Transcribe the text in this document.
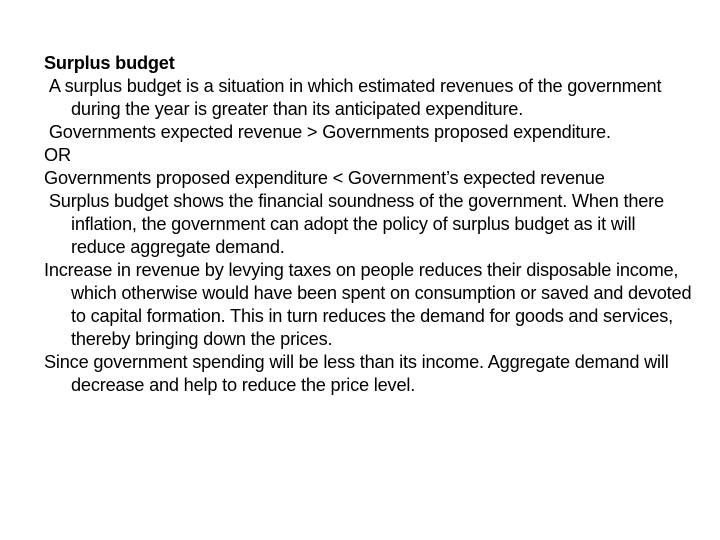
Surplus budget

A surplus budget is a situation in which estimated revenues of the government during the year is greater than its anticipated expenditure.

Governments expected revenue > Governments proposed expenditure.

OR

Governments proposed expenditure < Government’s expected revenue

Surplus budget shows the financial soundness of the government. When there inflation, the government can adopt the policy of surplus budget as it will reduce aggregate demand.

Increase in revenue by levying taxes on people reduces their disposable income, which otherwise would have been spent on consumption or saved and devoted to capital formation. This in turn reduces the demand for goods and services, thereby bringing down the prices.

Since government spending will be less than its income. Aggregate demand will decrease and help to reduce the price level.
